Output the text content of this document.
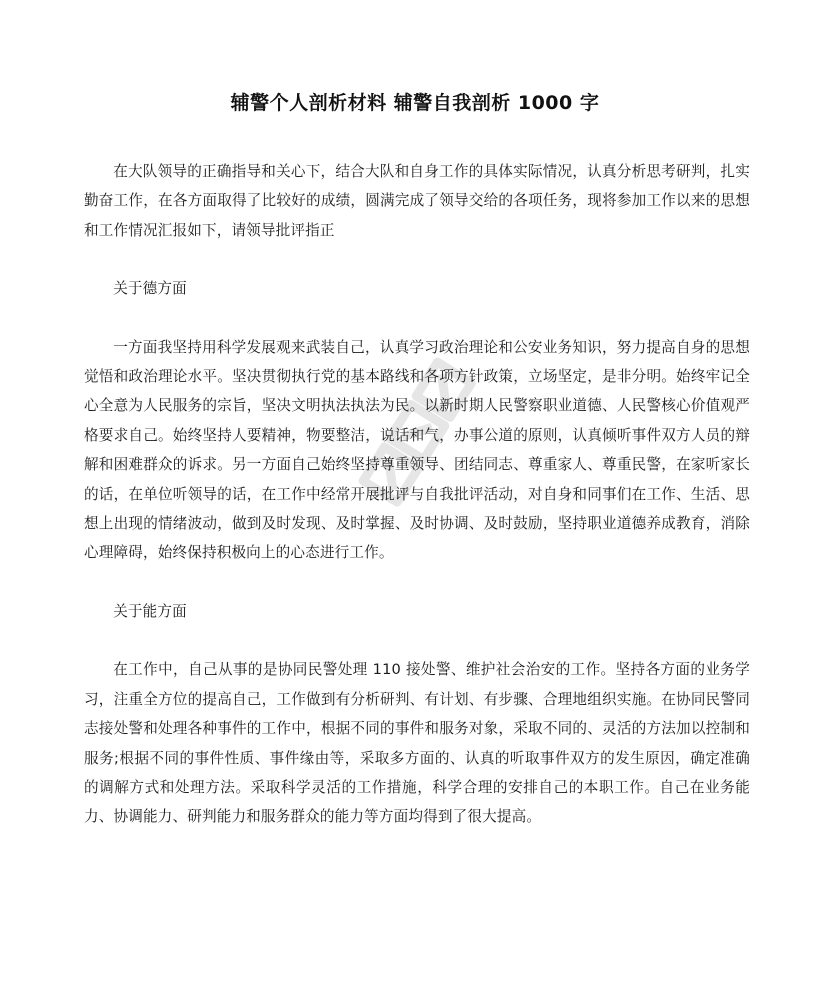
辅警个人剖析材料 辅警自我剖析 1000 字

在大队领导的正确指导和关心下，结合大队和自身工作的具体实际情况，认真分析思考研判，扎实勤奋工作，在各方面取得了比较好的成绩，圆满完成了领导交给的各项任务，现将参加工作以来的思想和工作情况汇报如下，请领导批评指正

关于德方面

一方面我坚持用科学发展观来武装自己，认真学习政治理论和公安业务知识，努力提高自身的思想觉悟和政治理论水平。坚决贯彻执行党的基本路线和各项方针政策，立场坚定，是非分明。始终牢记全心全意为人民服务的宗旨，坚决文明执法执法为民。以新时期人民警察职业道德、人民警核心价值观严格要求自己。始终坚持人要精神，物要整洁，说话和气，办事公道的原则，认真倾听事件双方人员的辩解和困难群众的诉求。另一方面自己始终坚持尊重领导、团结同志、尊重家人、尊重民警，在家听家长的话，在单位听领导的话，在工作中经常开展批评与自我批评活动，对自身和同事们在工作、生活、思想上出现的情绪波动，做到及时发现、及时掌握、及时协调、及时鼓励，坚持职业道德养成教育，消除心理障碍，始终保持积极向上的心态进行工作。

关于能方面

在工作中，自己从事的是协同民警处理 110 接处警、维护社会治安的工作。坚持各方面的业务学习，注重全方位的提高自己，工作做到有分析研判、有计划、有步骤、合理地组织实施。在协同民警同志接处警和处理各种事件的工作中，根据不同的事件和服务对象，采取不同的、灵活的方法加以控制和服务;根据不同的事件性质、事件缘由等，采取多方面的、认真的听取事件双方的发生原因，确定准确的调解方式和处理方法。采取科学灵活的工作措施，科学合理的安排自己的本职工作。自己在业务能力、协调能力、研判能力和服务群众的能力等方面均得到了很大提高。
